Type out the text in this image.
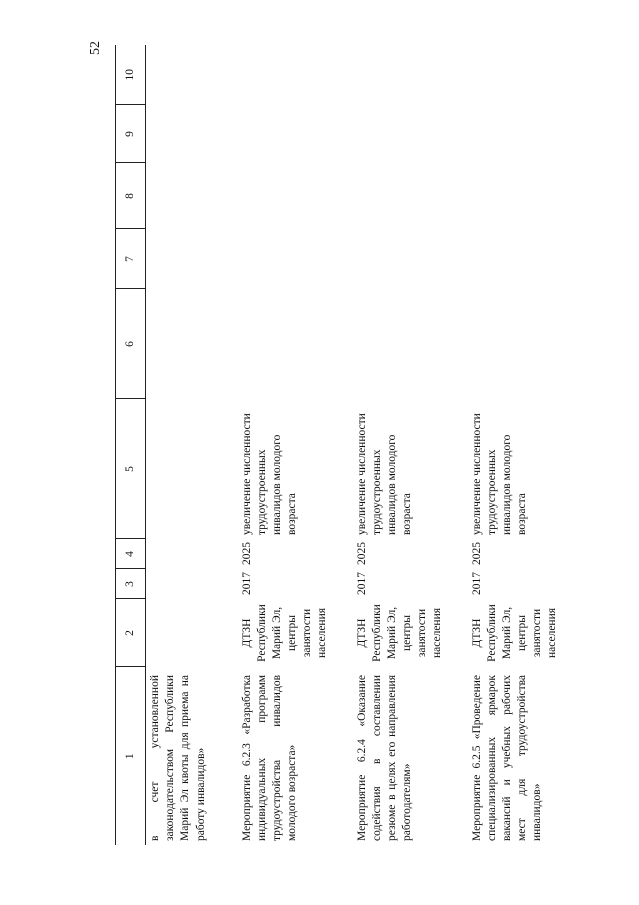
52
1	2	3	4	5	6	7	8	9	10
в счет установленной законодательством Республики Марий Эл квоты для приема на работу инвалидов»									
Мероприятие 6.2.3 «Разработка индивидуальных программ трудоустройства инвалидов молодого возраста»	ДТЗН Республики Марий Эл, центры занятости населения	2017	2025	увеличение численности трудоустроенных инвалидов молодого возраста					
Мероприятие 6.2.4 «Оказание содействия в составлении резюме в целях его направления работодателям»	ДТЗН Республики Марий Эл, центры занятости населения	2017	2025	увеличение численности трудоустроенных инвалидов молодого возраста					
Мероприятие 6.2.5 «Проведение специализированных ярмарок вакансий и учебных рабочих мест для трудоустройства инвалидов»	ДТЗН Республики Марий Эл, центры занятости населения	2017	2025	увеличение численности трудоустроенных инвалидов молодого возраста					
